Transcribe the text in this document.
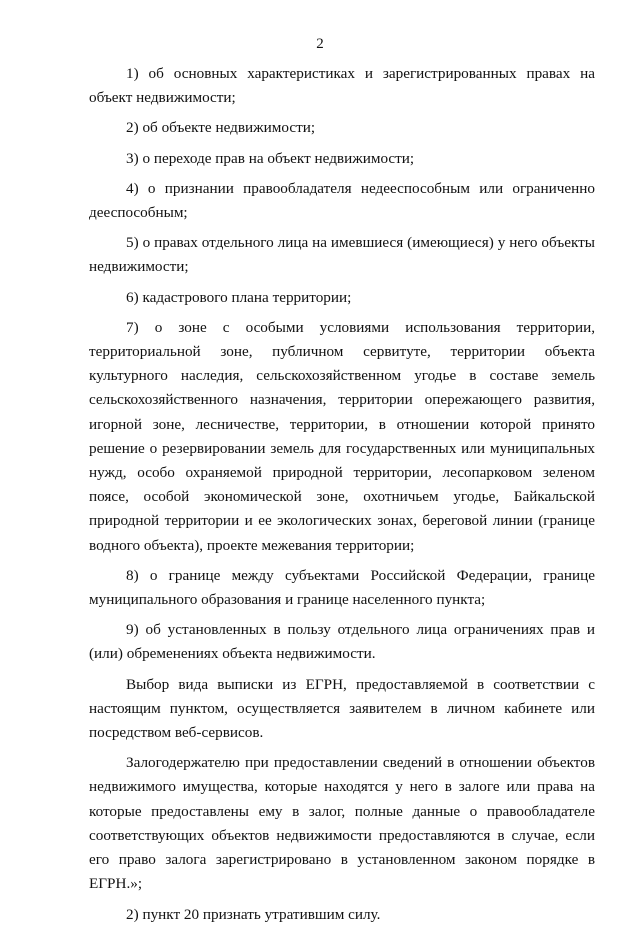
2

1) об основных характеристиках и зарегистрированных правах на объект недвижимости;

2) об объекте недвижимости;

3) о переходе прав на объект недвижимости;

4) о признании правообладателя недееспособным или ограниченно дееспособным;

5) о правах отдельного лица на имевшиеся (имеющиеся) у него объекты недвижимости;

6) кадастрового плана территории;

7) о зоне с особыми условиями использования территории, территориальной зоне, публичном сервитуте, территории объекта культурного наследия, сельскохозяйственном угодье в составе земель сельскохозяйственного назначения, территории опережающего развития, игорной зоне, лесничестве, территории, в отношении которой принято решение о резервировании земель для государственных или муниципальных нужд, особо охраняемой природной территории, лесопарковом зеленом поясе, особой экономической зоне, охотничьем угодье, Байкальской природной территории и ее экологических зонах, береговой линии (границе водного объекта), проекте межевания территории;

8) о границе между субъектами Российской Федерации, границе муниципального образования и границе населенного пункта;

9) об установленных в пользу отдельного лица ограничениях прав и (или) обременениях объекта недвижимости.

Выбор вида выписки из ЕГРН, предоставляемой в соответствии с настоящим пунктом, осуществляется заявителем в личном кабинете или посредством веб-сервисов.

Залогодержателю при предоставлении сведений в отношении объектов недвижимого имущества, которые находятся у него в залоге или права на которые предоставлены ему в залог, полные данные о правообладателе соответствующих объектов недвижимости предоставляются в случае, если его право залога зарегистрировано в установленном законом порядке в ЕГРН.»;

2) пункт 20 признать утратившим силу.
